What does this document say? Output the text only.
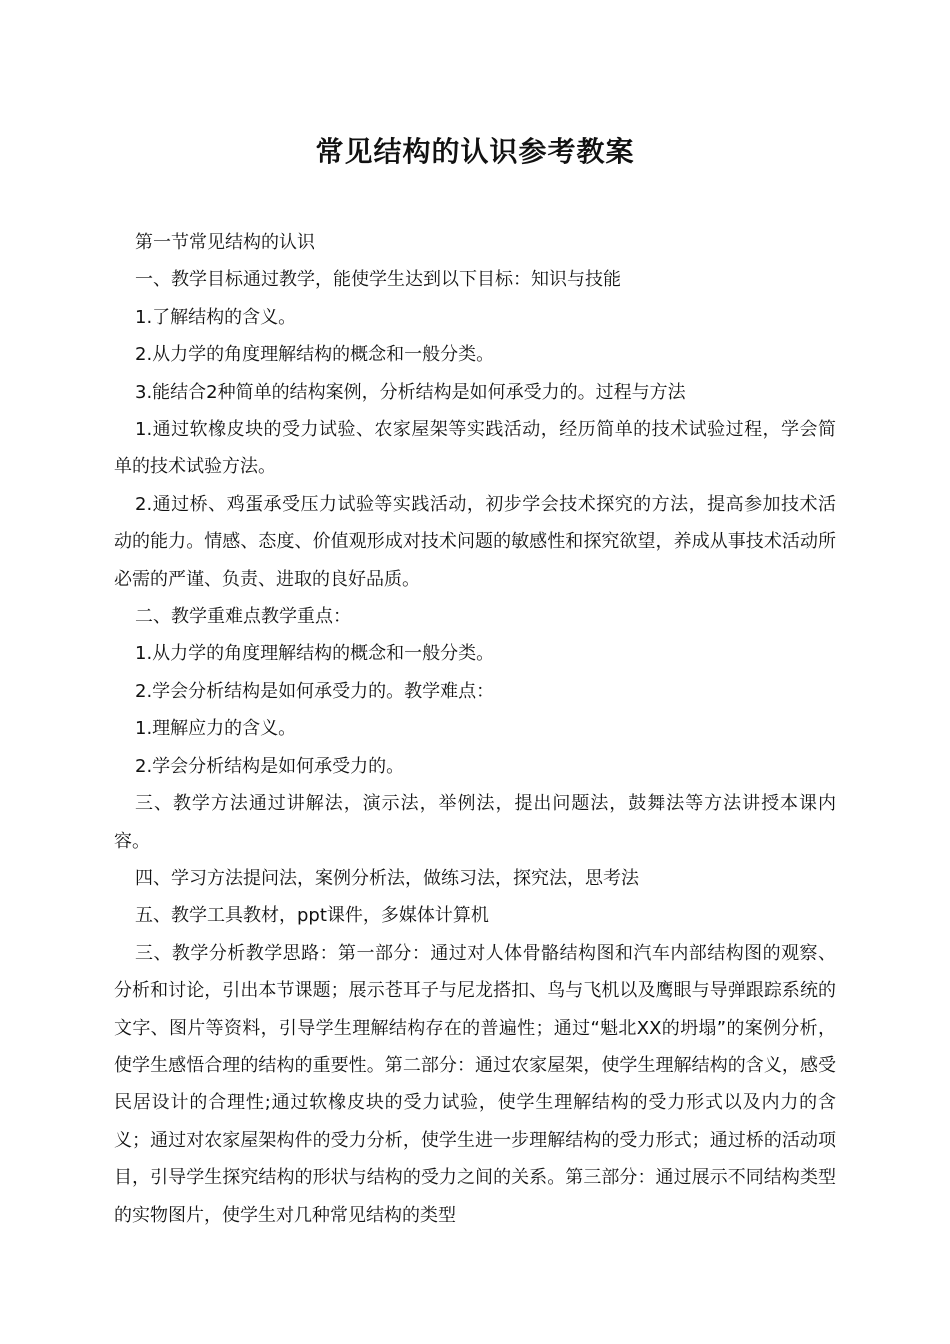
常见结构的认识参考教案

第一节常见结构的认识

一、教学目标通过教学，能使学生达到以下目标：知识与技能

1.了解结构的含义。

2.从力学的角度理解结构的概念和一般分类。

3.能结合2种简单的结构案例，分析结构是如何承受力的。过程与方法

1.通过软橡皮块的受力试验、农家屋架等实践活动，经历简单的技术试验过程，学会简单的技术试验方法。

2.通过桥、鸡蛋承受压力试验等实践活动，初步学会技术探究的方法，提高参加技术活动的能力。情感、态度、价值观形成对技术问题的敏感性和探究欲望，养成从事技术活动所必需的严谨、负责、进取的良好品质。

二、教学重难点教学重点：

1.从力学的角度理解结构的概念和一般分类。

2.学会分析结构是如何承受力的。教学难点：

1.理解应力的含义。

2.学会分析结构是如何承受力的。

三、教学方法通过讲解法，演示法，举例法，提出问题法，鼓舞法等方法讲授本课内容。

四、学习方法提问法，案例分析法，做练习法，探究法，思考法

五、教学工具教材，ppt课件，多媒体计算机

三、教学分析教学思路：第一部分：通过对人体骨骼结构图和汽车内部结构图的观察、分析和讨论，引出本节课题；展示苍耳子与尼龙搭扣、鸟与飞机以及鹰眼与导弹跟踪系统的文字、图片等资料，引导学生理解结构存在的普遍性；通过“魁北XX的坍塌”的案例分析，使学生感悟合理的结构的重要性。第二部分：通过农家屋架，使学生理解结构的含义，感受民居设计的合理性;通过软橡皮块的受力试验，使学生理解结构的受力形式以及内力的含义；通过对农家屋架构件的受力分析，使学生进一步理解结构的受力形式；通过桥的活动项目，引导学生探究结构的形状与结构的受力之间的关系。第三部分：通过展示不同结构类型的实物图片，使学生对几种常见结构的类型
